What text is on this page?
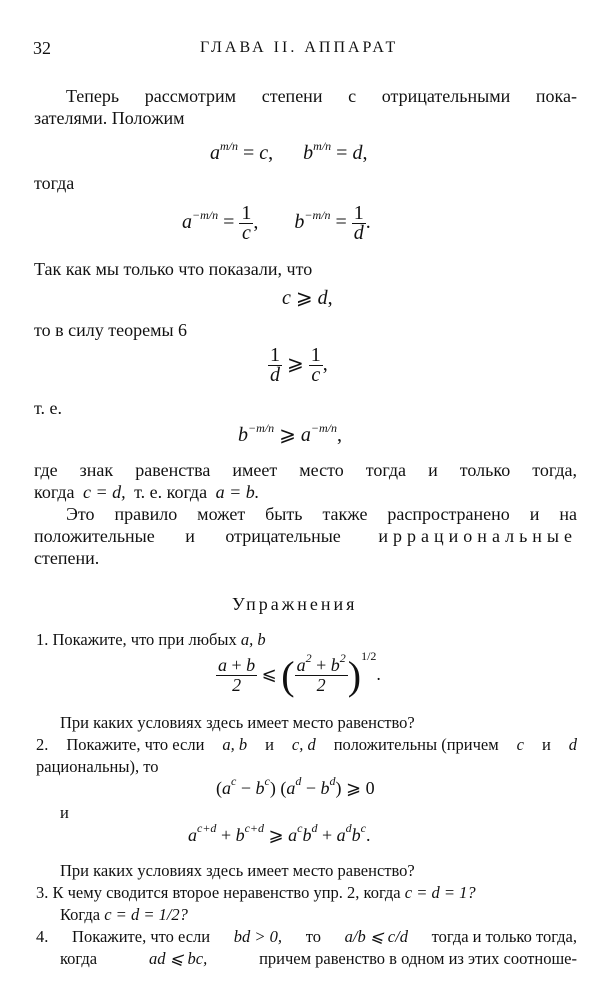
32	ГЛАВА II. АППАРАТ
Теперь рассмотрим степени с отрицательными пока-
зателями. Положим
$a^{m/n} = c$, $b^{m/n} = d$,
тогда
$a^{-m/n} = \frac{1}{c}$ , $b^{-m/n} = \frac{1}{d}$ .
Так как мы только что показали, что
c ⩾ d,
то в силу теоремы 6
$\frac{1}{d}$ ⩾ $\frac{1}{c}$ ,
т. е.
$b^{-m/n}$ ⩾ $a^{-m/n}$,
где знак равенства имеет место тогда и только тогда,
когда c = d, т. е. когда a = b.
Это правило может быть также распространено и на
положительные и отрицательные иррациональные
степени.
Упражнения
1. Покажите, что при любых a, b
$\frac{a + b}{2}$ ⩽ ( $\frac{a^2 + b^2}{2} )^{1/2}$.
При каких условиях здесь имеет место равенство?
2. Покажите, что если a, b и c, d положительны (причем c и d
рациональны), то
$(a^c - b^c) (a^d - b^d)$ ⩾ 0
и
$a^{c+d} + b^{c+d}$ ⩾ $a^cb^d + a^db^c$.
При каких условиях здесь имеет место равенство?
3. К чему сводится второе неравенство упр. 2, когда c = d = 1?
Когда c = d = 1/2?
4. Покажите, что если bd > 0, то a/b ⩽ c/d тогда и только тогда,
когда	ad ⩽ bc,	причем равенство в одном из этих соотноше-
